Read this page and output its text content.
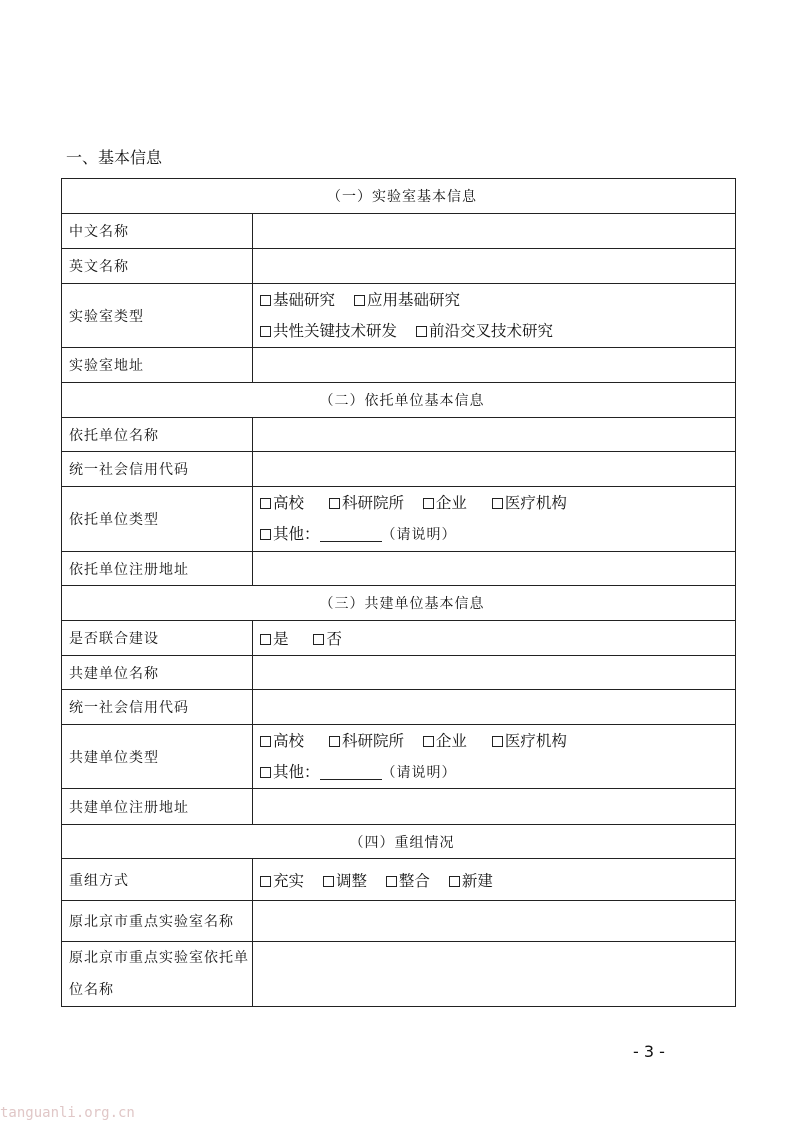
一、基本信息
（一）实验室基本信息	
中文名称	
英文名称	
实验室类型	基础研究 应用基础研究
共性关键技术研发 前沿交叉技术研究

实验室地址	
（二）依托单位基本信息	
依托单位名称	
统一社会信用代码	
依托单位类型	高校 科研院所 企业 医疗机构
其他： （请说明）

依托单位注册地址	
（三）共建单位基本信息	
是否联合建设	是 否
共建单位名称	
统一社会信用代码	
共建单位类型	高校 科研院所 企业 医疗机构
其他： （请说明）

共建单位注册地址	
（四）重组情况	
重组方式	充实 调整 整合 新建
原北京市重点实验室名称	
原北京市重点实验室依托单位名称	
- 3 -
tanguanli.org.cn
